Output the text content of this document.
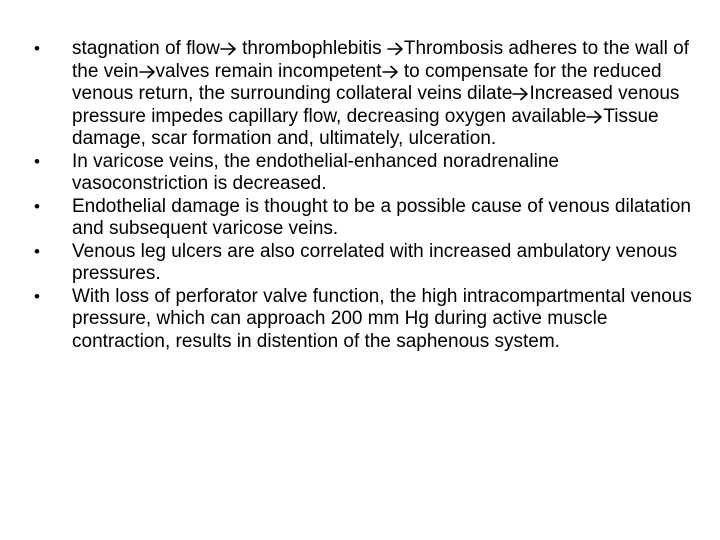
•	stagnation of flow
thrombophlebitis
Thrombosis adheres to the wall of the vein valves remain incompetent
to compensate for the reduced venous return, the surrounding collateral veins dilate Increased venous pressure impedes capillary flow, decreasing oxygen available Tissue damage, scar formation and, ultimately, ulceration.
•	In varicose veins, the endothelial-enhanced noradrenaline vasoconstriction is decreased.
•	Endothelial damage is thought to be a possible cause of venous dilatation and subsequent varicose veins.
•	Venous leg ulcers are also correlated with increased ambulatory venous pressures.
•	With loss of perforator valve function, the high intracompartmental venous pressure, which can approach 200 mm Hg during active muscle contraction, results in distention of the saphenous system.
